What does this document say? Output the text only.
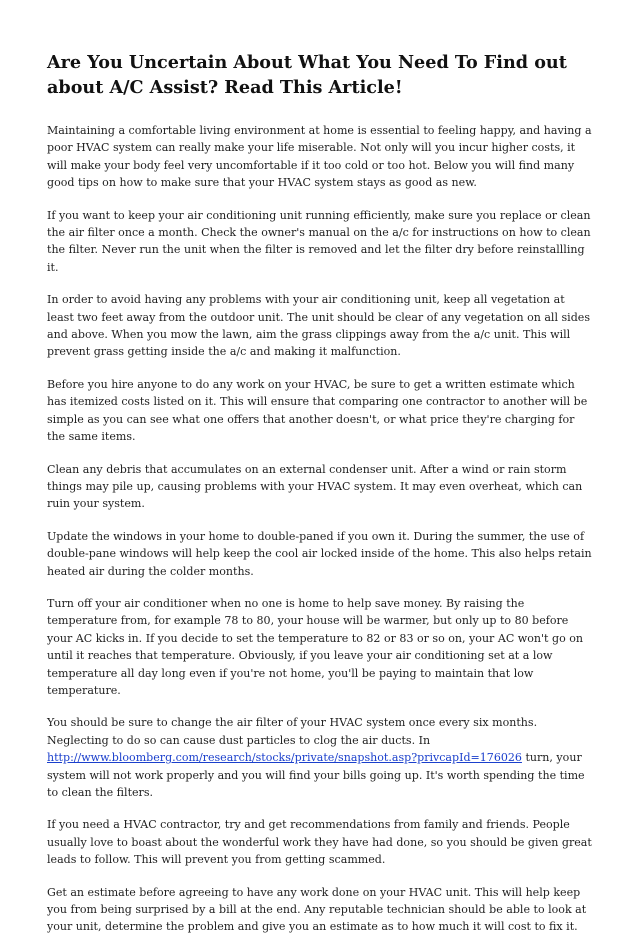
Are You Uncertain About What You Need To Find out about A/C Assist? Read This Article!

Maintaining a comfortable living environment at home is essential to feeling happy, and having a poor HVAC system can really make your life miserable. Not only will you incur higher costs, it will make your body feel very uncomfortable if it too cold or too hot. Below you will find many good tips on how to make sure that your HVAC system stays as good as new.

If you want to keep your air conditioning unit running efficiently, make sure you replace or clean the air filter once a month. Check the owner's manual on the a/c for instructions on how to clean the filter. Never run the unit when the filter is removed and let the filter dry before reinstallling it.

In order to avoid having any problems with your air conditioning unit, keep all vegetation at least two feet away from the outdoor unit. The unit should be clear of any vegetation on all sides and above. When you mow the lawn, aim the grass clippings away from the a/c unit. This will prevent grass getting inside the a/c and making it malfunction.

Before you hire anyone to do any work on your HVAC, be sure to get a written estimate which has itemized costs listed on it. This will ensure that comparing one contractor to another will be simple as you can see what one offers that another doesn't, or what price they're charging for the same items.

Clean any debris that accumulates on an external condenser unit. After a wind or rain storm things may pile up, causing problems with your HVAC system. It may even overheat, which can ruin your system.

Update the windows in your home to double-paned if you own it. During the summer, the use of double-pane windows will help keep the cool air locked inside of the home. This also helps retain heated air during the colder months.

Turn off your air conditioner when no one is home to help save money. By raising the temperature from, for example 78 to 80, your house will be warmer, but only up to 80 before your AC kicks in. If you decide to set the temperature to 82 or 83 or so on, your AC won't go on until it reaches that temperature. Obviously, if you leave your air conditioning set at a low temperature all day long even if you're not home, you'll be paying to maintain that low temperature.

You should be sure to change the air filter of your HVAC system once every six months. Neglecting to do so can cause dust particles to clog the air ducts. In http://www.bloomberg.com/research/stocks/private/snapshot.asp?privcapId=176026 turn, your system will not work properly and you will find your bills going up. It's worth spending the time to clean the filters.

If you need a HVAC contractor, try and get recommendations from family and friends. People usually love to boast about the wonderful work they have had done, so you should be given great leads to follow. This will prevent you from getting scammed.

Get an estimate before agreeing to have any work done on your HVAC unit. This will help keep you from being surprised by a bill at the end. Any reputable technician should be able to look at your unit, determine the problem and give you an estimate as to how much it will cost to fix it.
